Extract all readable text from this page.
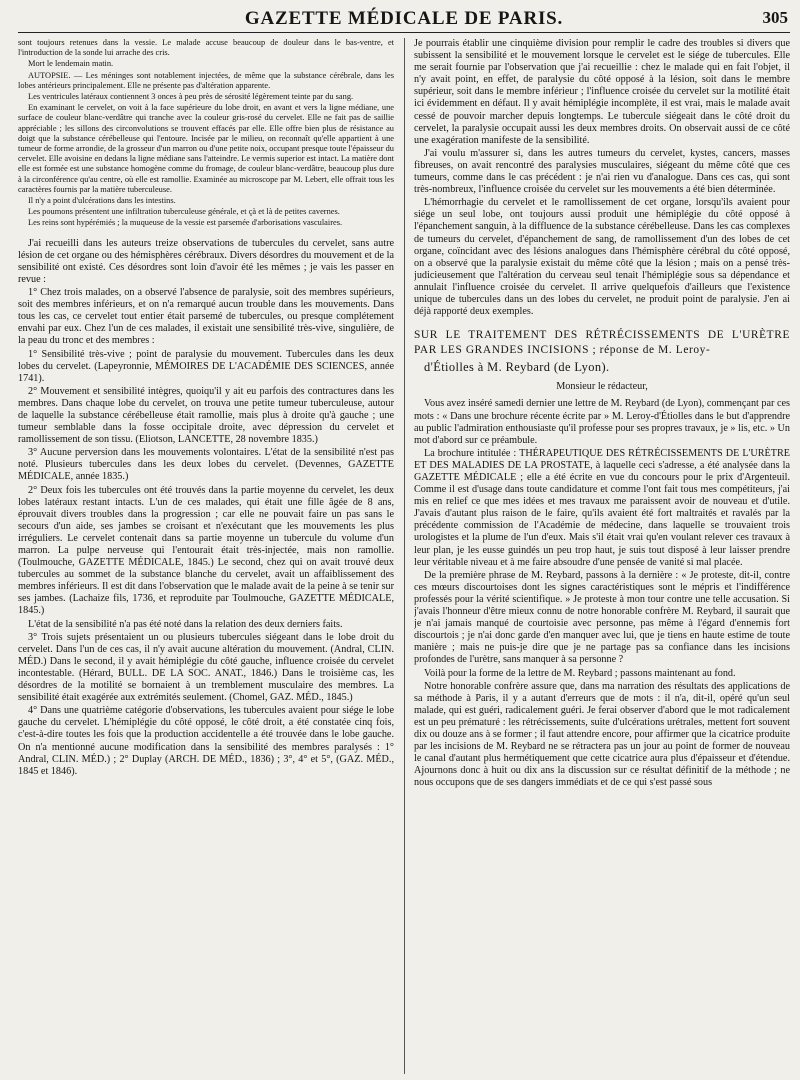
GAZETTE MÉDICALE DE PARIS.	305

sont toujours retenues dans la vessie. Le malade accuse beaucoup de douleur dans le bas-ventre, et l'introduction de la sonde lui arrache des cris.

Mort le lendemain matin.

AUTOPSIE. — Les méninges sont notablement injectées, de même que la substance cérébrale, dans les lobes antérieurs principalement. Elle ne présente pas d'altération apparente.

Les ventricules latéraux contiennent 3 onces à peu près de sérosité légèrement teinte par du sang.

En examinant le cervelet, on voit à la face supérieure du lobe droit, en avant et vers la ligne médiane, une surface de couleur blanc-verdâtre qui tranche avec la couleur gris-rosé du cervelet. Elle ne fait pas de saillie appréciable ; les sillons des circonvolutions se trouvent effacés par elle. Elle offre bien plus de résistance au doigt que la substance cérébelleuse qui l'entoure. Incisée par le milieu, on reconnaît qu'elle appartient à une tumeur de forme arrondie, de la grosseur d'un marron ou d'une petite noix, occupant presque toute l'épaisseur du cervelet. Elle avoisine en dedans la ligne médiane sans l'atteindre. Le vermis superior est intact. La matière dont elle est formée est une substance homogène comme du fromage, de couleur blanc-verdâtre, beaucoup plus dure à la circonférence qu'au centre, où elle est ramollie. Examinée au microscope par M. Lebert, elle offrait tous les caractères fournis par la matière tuberculeuse.

Il n'y a point d'ulcérations dans les intestins.

Les poumons présentent une infiltration tuberculeuse générale, et çà et là de petites cavernes.

Les reins sont hypérémiés ; la muqueuse de la vessie est parsemée d'arborisations vasculaires.

J'ai recueilli dans les auteurs treize observations de tubercules du cervelet, sans autre lésion de cet organe ou des hémisphères cérébraux. Divers désordres du mouvement et de la sensibilité ont existé. Ces désordres sont loin d'avoir été les mêmes ; je vais les passer en revue :

1° Chez trois malades, on a observé l'absence de paralysie, soit des membres supérieurs, soit des membres inférieurs, et on n'a remarqué aucun trouble dans les mouvements. Dans tous les cas, ce cervelet tout entier était parsemé de tubercules, ou presque complétement envahi par eux. Chez l'un de ces malades, il existait une sensibilité très-vive, singulière, de la peau du tronc et des membres :

1° Sensibilité très-vive ; point de paralysie du mouvement. Tubercules dans les deux lobes du cervelet. (Lapeyronnie, MÉMOIRES DE L'ACADÉMIE DES SCIENCES, année 1741).

2° Mouvement et sensibilité intègres, quoiqu'il y ait eu parfois des contractures dans les membres. Dans chaque lobe du cervelet, on trouva une petite tumeur tuberculeuse, autour de laquelle la substance cérébelleuse était ramollie, mais plus à droite qu'à gauche ; une tumeur semblable dans la fosse occipitale droite, avec dépression du cervelet et ramollissement de son tissu. (Eliotson, LANCETTE, 28 novembre 1835.)

3° Aucune perversion dans les mouvements volontaires. L'état de la sensibilité n'est pas noté. Plusieurs tubercules dans les deux lobes du cervelet. (Devennes, GAZETTE MÉDICALE, année 1835.)

2° Deux fois les tubercules ont été trouvés dans la partie moyenne du cervelet, les deux lobes latéraux restant intacts. L'un de ces malades, qui était une fille âgée de 8 ans, éprouvait divers troubles dans la progression ; car elle ne pouvait faire un pas sans le secours d'un aide, ses jambes se croisant et n'exécutant que les mouvements les plus irréguliers. Le cervelet contenait dans sa partie moyenne un tubercule du volume d'un marron. La pulpe nerveuse qui l'entourait était très-injectée, mais non ramollie. (Toulmouche, GAZETTE MÉDICALE, 1845.) Le second, chez qui on avait trouvé deux tubercules au sommet de la substance blanche du cervelet, avait un affaiblissement des membres inférieurs. Il est dit dans l'observation que le malade avait de la peine à se tenir sur ses jambes. (Lachaize fils, 1736, et reproduite par Toulmouche, GAZETTE MÉDICALE, 1845.)

L'état de la sensibilité n'a pas été noté dans la relation des deux derniers faits.

3° Trois sujets présentaient un ou plusieurs tubercules siégeant dans le lobe droit du cervelet. Dans l'un de ces cas, il n'y avait aucune altération du mouvement. (Andral, CLIN. MÉD.) Dans le second, il y avait hémiplégie du côté gauche, influence croisée du cervelet incontestable. (Hérard, BULL. DE LA SOC. ANAT., 1846.) Dans le troisième cas, les désordres de la motilité se bornaient à un tremblement musculaire des membres. La sensibilité était exagérée aux extrémités seulement. (Chomel, GAZ. MÉD., 1845.)

4° Dans une quatrième catégorie d'observations, les tubercules avaient pour siége le lobe gauche du cervelet. L'hémiplégie du côté opposé, le côté droit, a été constatée cinq fois, c'est-à-dire toutes les fois que la production accidentelle a été trouvée dans le lobe gauche. On n'a mentionné aucune modification dans la sensibilité des membres paralysés : 1° Andral, CLIN. MÉD.) ; 2° Duplay (ARCH. DE MÉD., 1836) ; 3°, 4° et 5°, (GAZ. MÉD., 1845 et 1846).

Je pourrais établir une cinquième division pour remplir le cadre des troubles si divers que subissent la sensibilité et le mouvement lorsque le cervelet est le siége de tubercules. Elle me serait fournie par l'observation que j'ai recueillie : chez le malade qui en fait l'objet, il n'y avait point, en effet, de paralysie du côté opposé à la lésion, soit dans le membre supérieur, soit dans le membre inférieur ; l'influence croisée du cervelet sur la motilité était ici évidemment en défaut. Il y avait hémiplégie incomplète, il est vrai, mais le malade avait cessé de pouvoir marcher depuis longtemps. Le tubercule siégeait dans le côté droit du cervelet, la paralysie occupait aussi les deux membres droits. On observait aussi de ce côté une exagération manifeste de la sensibilité.

J'ai voulu m'assurer si, dans les autres tumeurs du cervelet, kystes, cancers, masses fibreuses, on avait rencontré des paralysies musculaires, siégeant du même côté que ces tumeurs, comme dans le cas précédent : je n'ai rien vu d'analogue. Dans ces cas, qui sont très-nombreux, l'influence croisée du cervelet sur les mouvements a été bien déterminée.

L'hémorrhagie du cervelet et le ramollissement de cet organe, lorsqu'ils avaient pour siége un seul lobe, ont toujours aussi produit une hémiplégie du côté opposé à l'épanchement sanguin, à la diffluence de la substance cérébelleuse. Dans les cas complexes de tumeurs du cervelet, d'épanchement de sang, de ramollissement d'un des lobes de cet organe, coïncidant avec des lésions analogues dans l'hémisphère cérébral du côté opposé, on a observé que la paralysie existait du même côté que la lésion ; mais on a pensé très-judicieusement que l'altération du cerveau seul tenait l'hémiplégie sous sa dépendance et annulait l'influence croisée du cervelet. Il arrive quelquefois d'ailleurs que l'existence unique de tubercules dans un des lobes du cervelet, ne produit point de paralysie. J'en ai déjà rapporté deux exemples.

SUR LE TRAITEMENT DES RÉTRÉCISSEMENTS DE L'URÈTRE PAR LES GRANDES INCISIONS ; réponse de M. Leroy-
d'Étiolles à M. Reybard (de Lyon).

Monsieur le rédacteur,

Vous avez inséré samedi dernier une lettre de M. Reybard (de Lyon), commençant par ces mots : « Dans une brochure récente écrite par » M. Leroy-d'Étiolles dans le but d'apprendre au public l'admiration enthousiaste qu'il professe pour ses propres travaux, je » lis, etc. » Un mot d'abord sur ce préambule.

La brochure intitulée : THÉRAPEUTIQUE DES RÉTRÉCISSEMENTS DE L'URÈTRE ET DES MALADIES DE LA PROSTATE, à laquelle ceci s'adresse, a été analysée dans la GAZETTE MÉDICALE ; elle a été écrite en vue du concours pour le prix d'Argenteuil. Comme il est d'usage dans toute candidature et comme l'ont fait tous mes compétiteurs, j'ai mis en relief ce que mes idées et mes travaux me paraissent avoir de nouveau et d'utile. J'avais d'autant plus raison de le faire, qu'ils avaient été fort maltraités et ravalés par la précédente commission de l'Académie de médecine, dans laquelle se trouvaient trois urologistes et la plume de l'un d'eux. Mais s'il était vrai qu'en voulant relever ces travaux à leur plan, je les eusse guindés un peu trop haut, je suis tout disposé à leur laisser prendre leur véritable niveau et à me faire absoudre d'une pensée de vanité si mal placée.

De la première phrase de M. Reybard, passons à la dernière : « Je proteste, dit-il, contre ces mœurs discourtoises dont les signes caractéristiques sont le mépris et l'indifférence professés pour la vérité scientifique. » Je proteste à mon tour contre une telle accusation. Si j'avais l'honneur d'être mieux connu de notre honorable confrère M. Reybard, il saurait que je n'ai jamais manqué de courtoisie avec personne, pas même à l'égard d'ennemis fort discourtois ; je n'ai donc garde d'en manquer avec lui, que je tiens en haute estime de toute manière ; mais ne puis-je dire que je ne partage pas sa confiance dans les incisions profondes de l'urètre, sans manquer à sa personne ?

Voilà pour la forme de la lettre de M. Reybard ; passons maintenant au fond.

Notre honorable confrère assure que, dans ma narration des résultats des applications de sa méthode à Paris, il y a autant d'erreurs que de mots : il n'a, dit-il, opéré qu'un seul malade, qui est guéri, radicalement guéri. Je ferai observer d'abord que le mot radicalement est un peu prématuré : les rétrécissements, suite d'ulcérations urétrales, mettent fort souvent dix ou douze ans à se former ; il faut attendre encore, pour affirmer que la cicatrice produite par les incisions de M. Reybard ne se rétractera pas un jour au point de former de nouveau le canal d'autant plus hermétiquement que cette cicatrice aura plus d'épaisseur et d'étendue. Ajournons donc à huit ou dix ans la discussion sur ce résultat définitif de la méthode ; ne nous occupons que de ses dangers immédiats et de ce qui s'est passé sous
